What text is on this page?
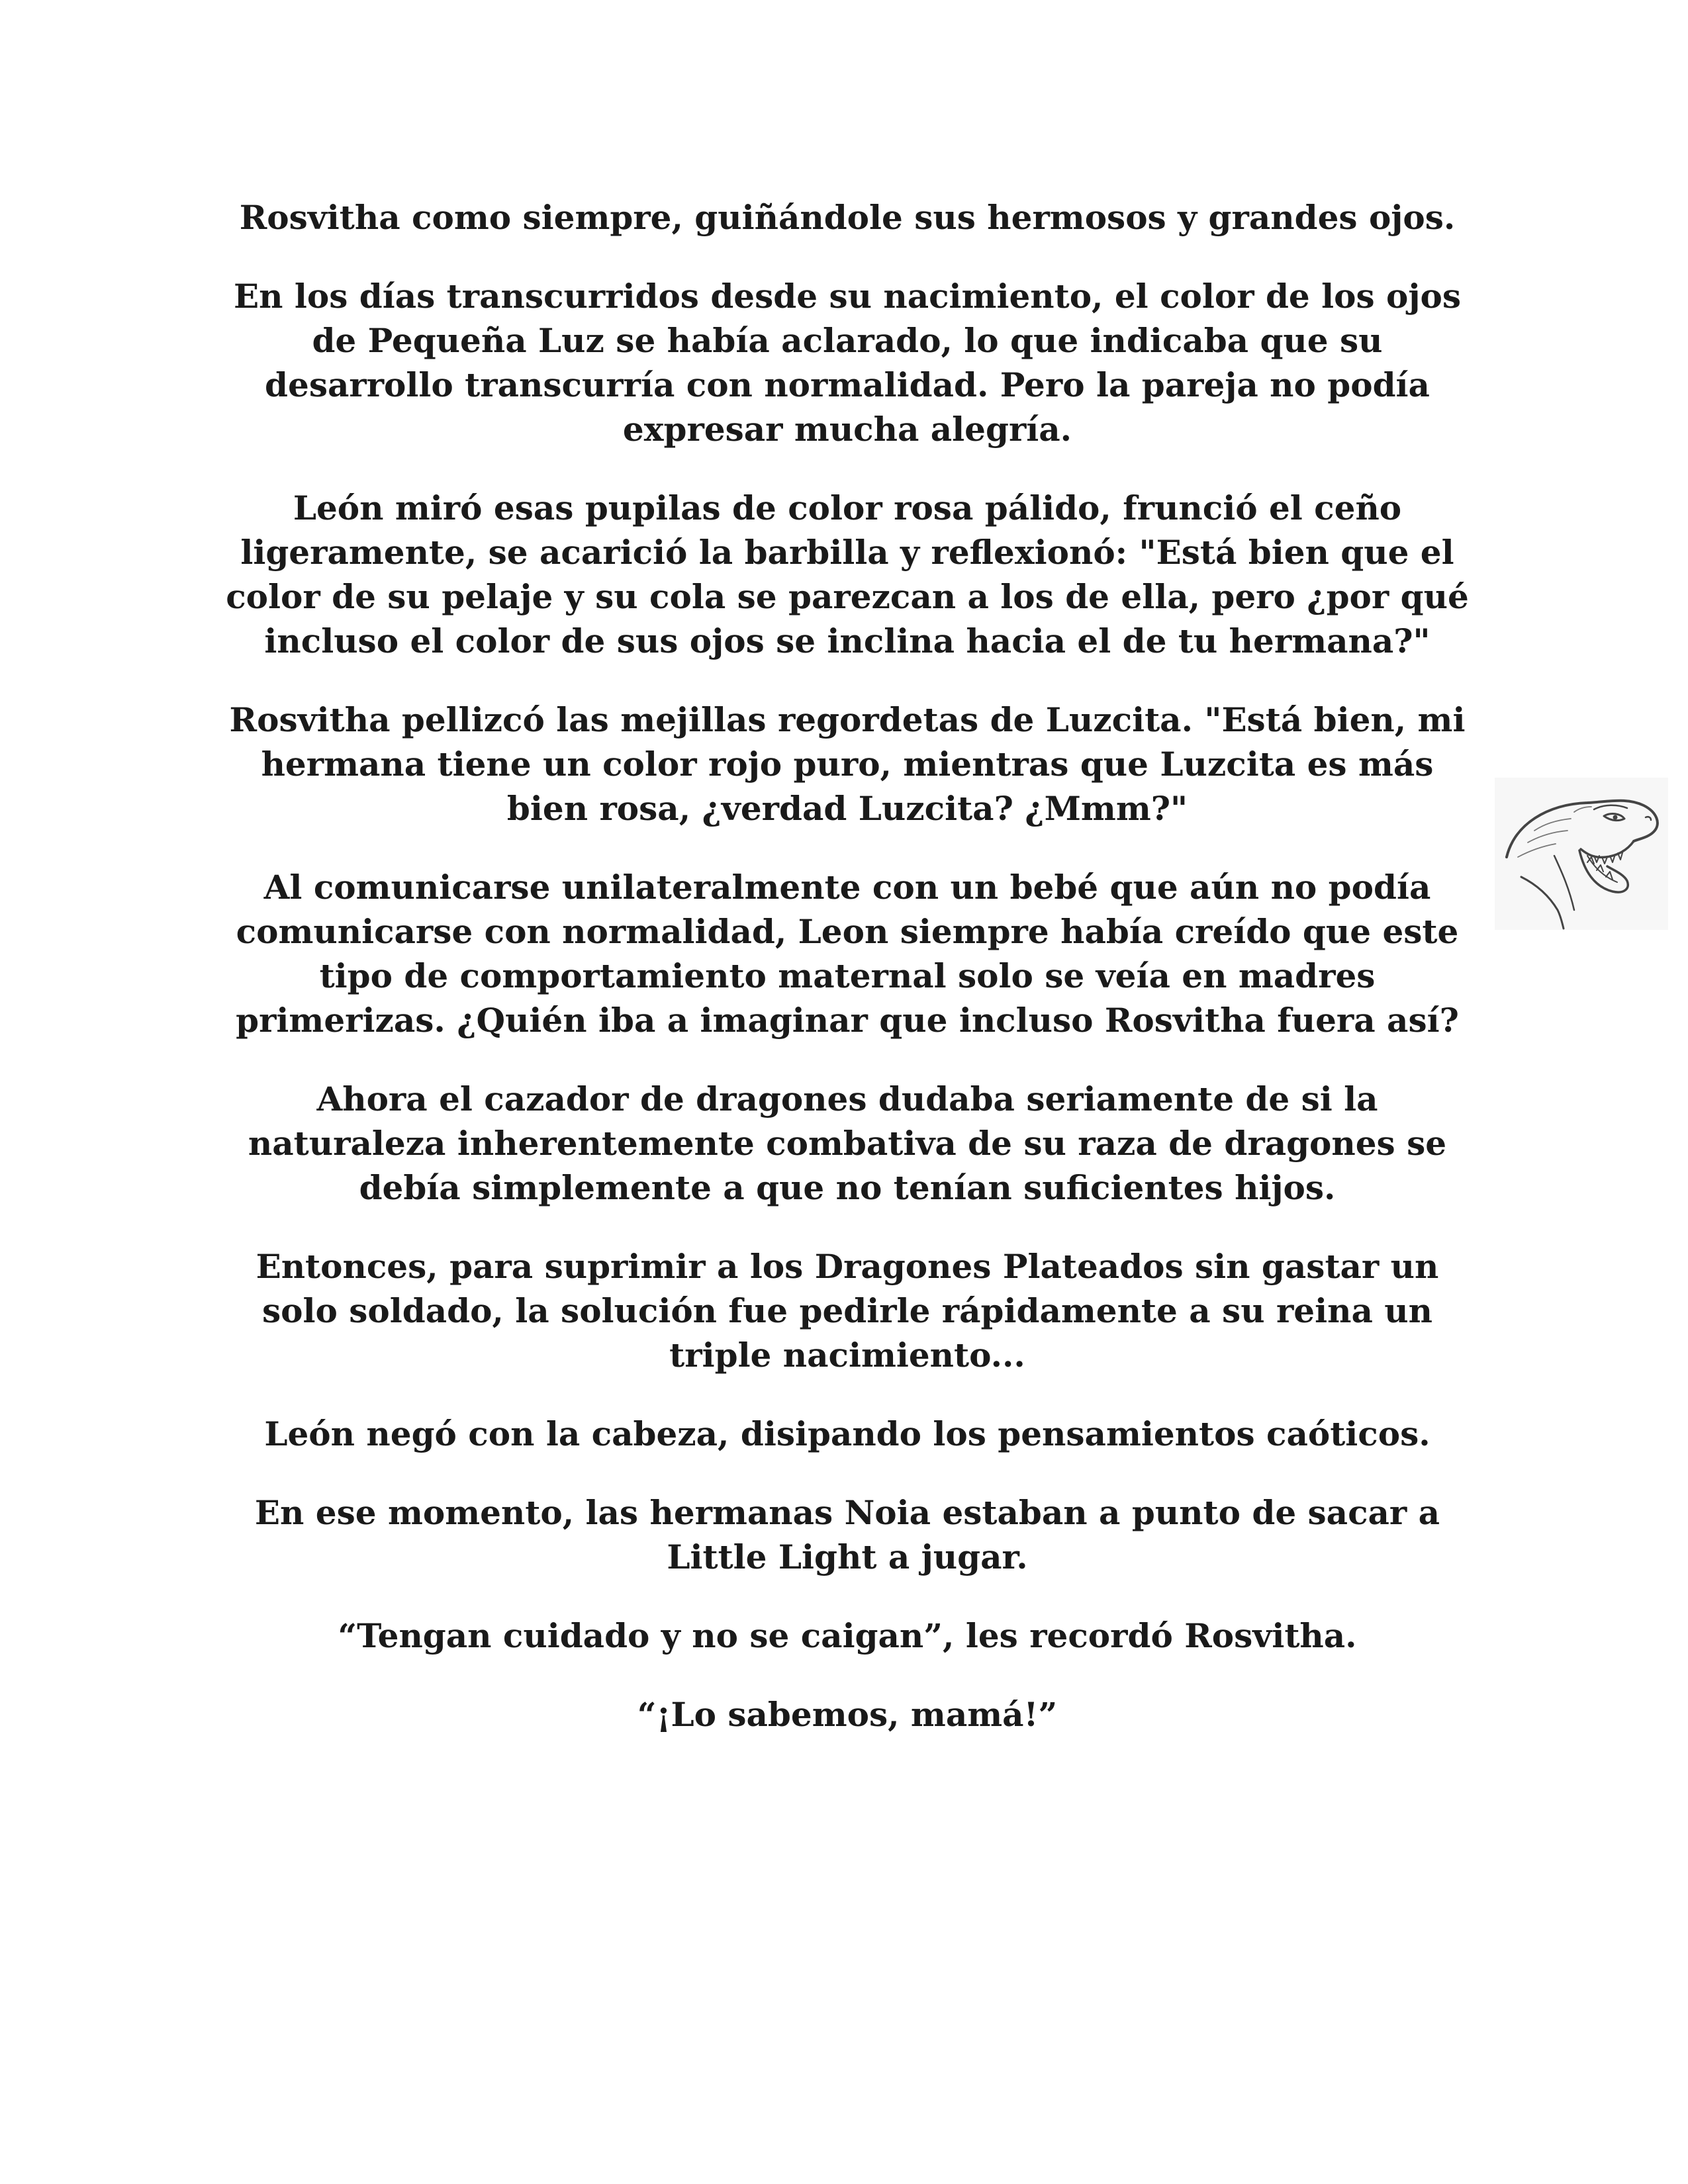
Rosvitha como siempre, guiñándole sus hermosos y grandes ojos.

En los días transcurridos desde su nacimiento, el color de los ojos de Pequeña Luz se había aclarado, lo que indicaba que su desarrollo transcurría con normalidad. Pero la pareja no podía expresar mucha alegría.

León miró esas pupilas de color rosa pálido, frunció el ceño ligeramente, se acarició la barbilla y reflexionó: "Está bien que el color de su pelaje y su cola se parezcan a los de ella, pero ¿por qué incluso el color de sus ojos se inclina hacia el de tu hermana?"

Rosvitha pellizcó las mejillas regordetas de Luzcita. "Está bien, mi hermana tiene un color rojo puro, mientras que Luzcita es más bien rosa, ¿verdad Luzcita? ¿Mmm?"

Al comunicarse unilateralmente con un bebé que aún no podía comunicarse con normalidad, Leon siempre había creído que este tipo de comportamiento maternal solo se veía en madres primerizas. ¿Quién iba a imaginar que incluso Rosvitha fuera así?

Ahora el cazador de dragones dudaba seriamente de si la naturaleza inherentemente combativa de su raza de dragones se debía simplemente a que no tenían suficientes hijos.

Entonces, para suprimir a los Dragones Plateados sin gastar un solo soldado, la solución fue pedirle rápidamente a su reina un triple nacimiento...

León negó con la cabeza, disipando los pensamientos caóticos.

En ese momento, las hermanas Noia estaban a punto de sacar a Little Light a jugar.

“Tengan cuidado y no se caigan”, les recordó Rosvitha.

“¡Lo sabemos, mamá!”
